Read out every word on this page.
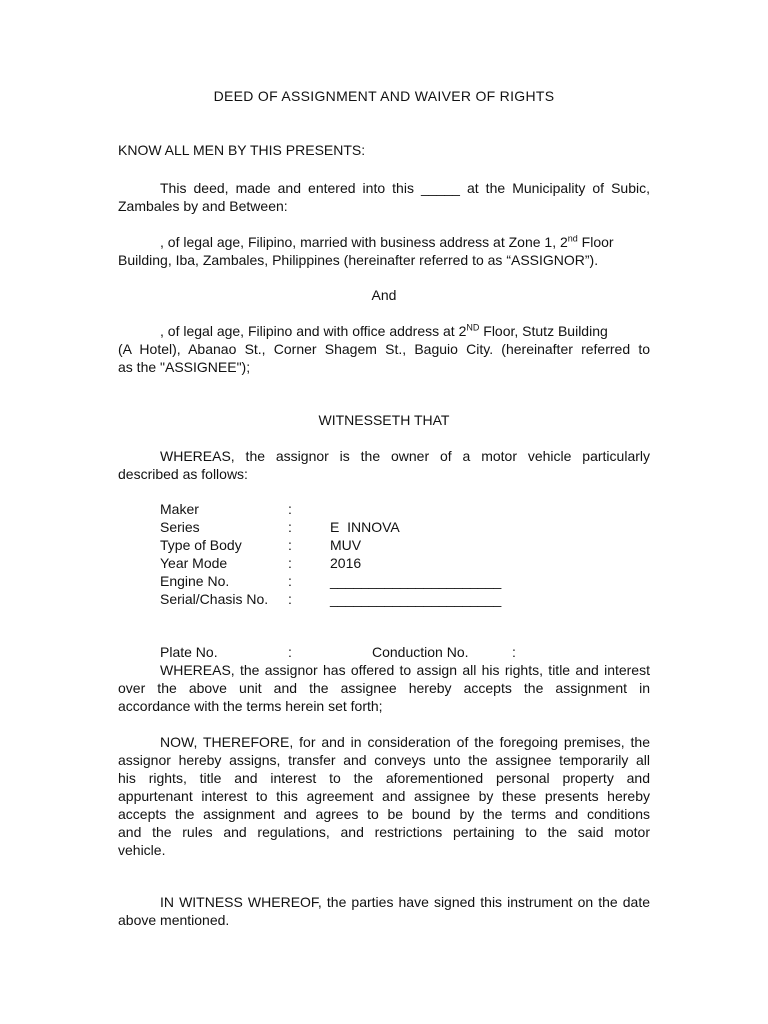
DEED OF ASSIGNMENT AND WAIVER OF RIGHTS
KNOW ALL MEN BY THIS PRESENTS:
This deed, made and entered into this _____ at the Municipality of Subic,
Zambales by and Between:
, of legal age, Filipino, married with business address at Zone 1, 2nd Floor
Building, Iba, Zambales, Philippines (hereinafter referred to as “ASSIGNOR”).
And
, of legal age, Filipino and with office address at 2ND Floor, Stutz Building
(A Hotel), Abanao St., Corner Shagem St., Baguio City. (hereinafter referred to
as the "ASSIGNEE");
WITNESSETH THAT
WHEREAS, the assignor is the owner of a motor vehicle particularly
described as follows:
Maker	:
Series	:	E  INNOVA
Type of Body	:	MUV
Year Mode	:	2016
Engine No.	:	______________________
Serial/Chasis No. :	______________________
Plate No.	:	Conduction No.	:
WHEREAS, the assignor has offered to assign all his rights, title and interest
over the above unit and the assignee hereby accepts the assignment in
accordance with the terms herein set forth;
NOW, THEREFORE, for and in consideration of the foregoing premises, the
assignor hereby assigns, transfer and conveys unto the assignee temporarily all
his rights, title and interest to the aforementioned personal property and
appurtenant interest to this agreement and assignee by these presents hereby
accepts the assignment and agrees to be bound by the terms and conditions
and the rules and regulations, and restrictions pertaining to the said motor
vehicle.
IN WITNESS WHEREOF, the parties have signed this instrument on the date
above mentioned.
